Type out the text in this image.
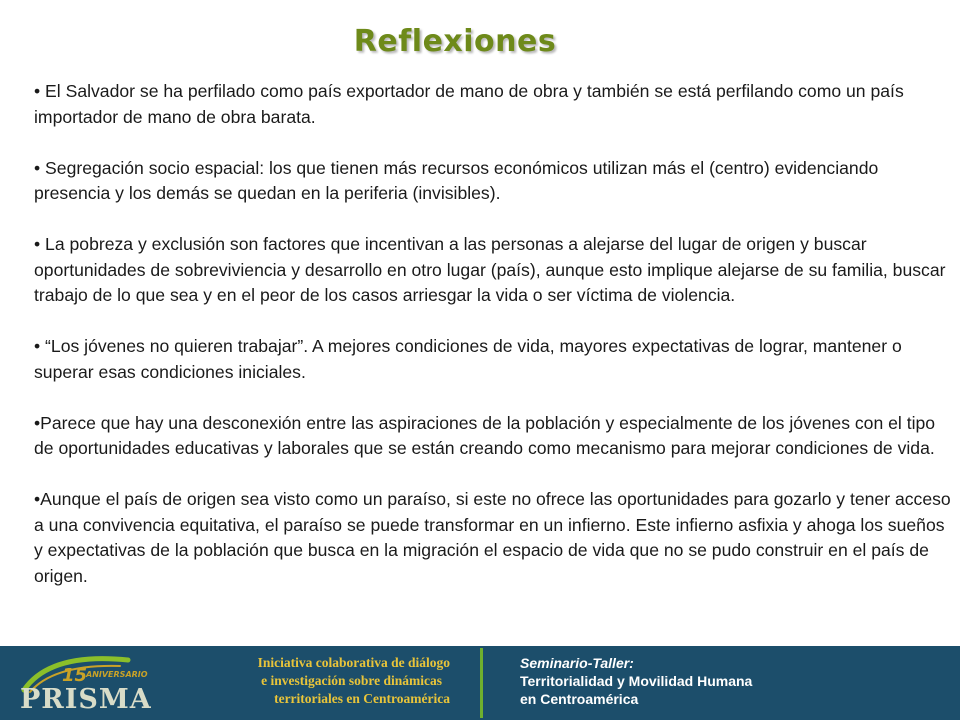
Reflexiones

• El Salvador se ha perfilado como país exportador de mano de obra y también se está perfilando como un país importador de mano de obra barata.

• Segregación socio espacial: los que tienen más recursos económicos utilizan más el (centro) evidenciando presencia y los demás se quedan en la periferia (invisibles).

• La pobreza y exclusión son factores que incentivan a las personas a alejarse del lugar de origen y buscar oportunidades de sobreviviencia y desarrollo en otro lugar (país), aunque esto implique alejarse de su familia, buscar trabajo de lo que sea y en el peor de los casos arriesgar la vida o ser víctima de violencia.

• “Los jóvenes no quieren trabajar”. A mejores condiciones de vida, mayores expectativas de lograr, mantener o superar esas condiciones iniciales.

•Parece que hay una desconexión entre las aspiraciones de la población y especialmente de los jóvenes con el tipo de oportunidades educativas y laborales que se están creando como mecanismo para mejorar condiciones de vida.

•Aunque el país de origen sea visto como un paraíso, si este no ofrece las oportunidades para gozarlo y tener acceso a una convivencia equitativa, el paraíso se puede transformar en un infierno. Este infierno asfixia y ahoga los sueños y expectativas de la población que busca en la migración el espacio de vida que no se pudo construir en el país de origen.

15
ANIVERSARIO
PRISMA
Iniciativa colaborativa de diálogo
e investigación sobre dinámicas
territoriales en Centroamérica
Seminario-Taller:
Territorialidad y Movilidad Humana
en Centroamérica
